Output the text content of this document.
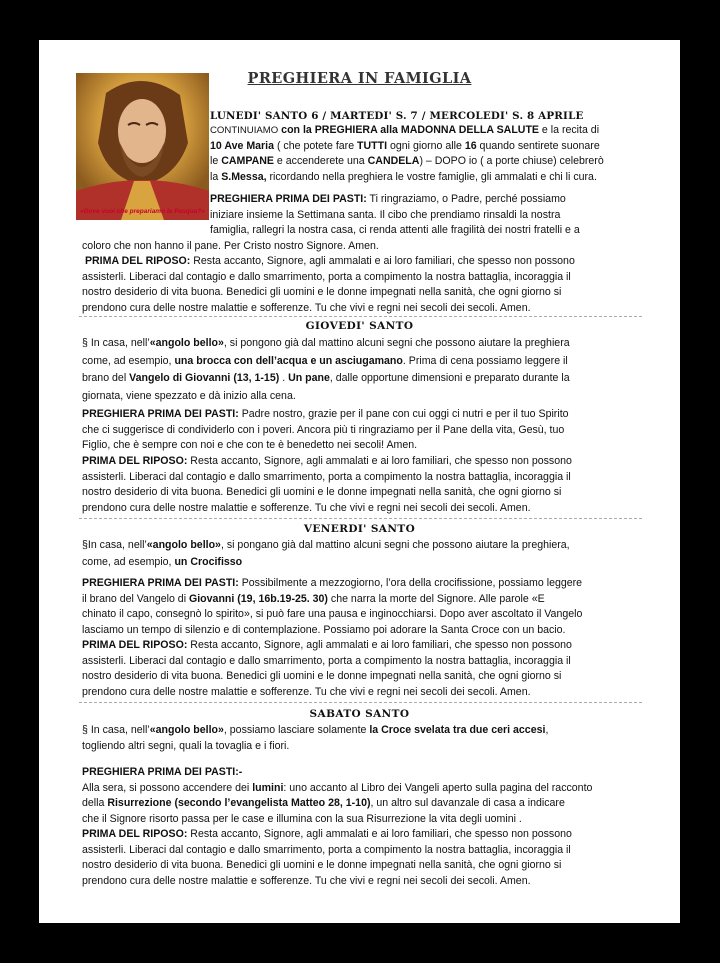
PREGHIERA IN FAMIGLIA
«Dove vuoi che prepariamo la Pasqua?»
LUNEDI' SANTO 6 / MARTEDI' S. 7 / MERCOLEDI' S. 8 APRILE
CONTINUIAMO con la PREGHIERA alla MADONNA DELLA SALUTE e la recita di
10 Ave Maria ( che potete fare TUTTI ogni giorno alle 16 quando sentirete suonare
le CAMPANE e accenderete una CANDELA) – DOPO io ( a porte chiuse) celebrerò
la S.Messa, ricordando nella preghiera le vostre famiglie, gli ammalati e chi li cura.
PREGHIERA PRIMA DEI PASTI: Ti ringraziamo, o Padre, perché possiamo
iniziare insieme la Settimana santa. Il cibo che prendiamo rinsaldi la nostra
famiglia, rallegri la nostra casa, ci renda attenti alle fragilità dei nostri fratelli e a
coloro che non hanno il pane. Per Cristo nostro Signore. Amen.
PRIMA DEL RIPOSO: Resta accanto, Signore, agli ammalati e ai loro familiari, che spesso non possono
assisterli. Liberaci dal contagio e dallo smarrimento, porta a compimento la nostra battaglia, incoraggia il
nostro desiderio di vita buona. Benedici gli uomini e le donne impegnati nella sanità, che ogni giorno si
prendono cura delle nostre malattie e sofferenze. Tu che vivi e regni nei secoli dei secoli. Amen.
GIOVEDI' SANTO
§ In casa, nell’«angolo bello», si pongono già dal mattino alcuni segni che possono aiutare la preghiera
come, ad esempio, una brocca con dell’acqua e un asciugamano. Prima di cena possiamo leggere il
brano del Vangelo di Giovanni (13, 1-15) . Un pane, dalle opportune dimensioni e preparato durante la
giornata, viene spezzato e dà inizio alla cena.
PREGHIERA PRIMA DEI PASTI: Padre nostro, grazie per il pane con cui oggi ci nutri e per il tuo Spirito
che ci suggerisce di condividerlo con i poveri. Ancora più ti ringraziamo per il Pane della vita, Gesù, tuo
Figlio, che è sempre con noi e che con te è benedetto nei secoli! Amen.
PRIMA DEL RIPOSO: Resta accanto, Signore, agli ammalati e ai loro familiari, che spesso non possono
assisterli. Liberaci dal contagio e dallo smarrimento, porta a compimento la nostra battaglia, incoraggia il
nostro desiderio di vita buona. Benedici gli uomini e le donne impegnati nella sanità, che ogni giorno si
prendono cura delle nostre malattie e sofferenze. Tu che vivi e regni nei secoli dei secoli. Amen.
VENERDI' SANTO
§In casa, nell’«angolo bello», si pongano già dal mattino alcuni segni che possono aiutare la preghiera,
come, ad esempio, un Crocifisso
PREGHIERA PRIMA DEI PASTI: Possibilmente a mezzogiorno, l’ora della crocifissione, possiamo leggere
il brano del Vangelo di Giovanni (19, 16b.19-25. 30) che narra la morte del Signore. Alle parole «E
chinato il capo, consegnò lo spirito», si può fare una pausa e inginocchiarsi. Dopo aver ascoltato il Vangelo
lasciamo un tempo di silenzio e di contemplazione. Possiamo poi adorare la Santa Croce con un bacio.
PRIMA DEL RIPOSO: Resta accanto, Signore, agli ammalati e ai loro familiari, che spesso non possono
assisterli. Liberaci dal contagio e dallo smarrimento, porta a compimento la nostra battaglia, incoraggia il
nostro desiderio di vita buona. Benedici gli uomini e le donne impegnati nella sanità, che ogni giorno si
prendono cura delle nostre malattie e sofferenze. Tu che vivi e regni nei secoli dei secoli. Amen.
SABATO SANTO
§ In casa, nell’«angolo bello», possiamo lasciare solamente la Croce svelata tra due ceri accesi,
togliendo altri segni, quali la tovaglia e i fiori.
PREGHIERA PRIMA DEI PASTI:-
Alla sera, si possono accendere dei lumini: uno accanto al Libro dei Vangeli aperto sulla pagina del racconto
della Risurrezione (secondo l’evangelista Matteo 28, 1-10), un altro sul davanzale di casa a indicare
che il Signore risorto passa per le case e illumina con la sua Risurrezione la vita degli uomini .
PRIMA DEL RIPOSO: Resta accanto, Signore, agli ammalati e ai loro familiari, che spesso non possono
assisterli. Liberaci dal contagio e dallo smarrimento, porta a compimento la nostra battaglia, incoraggia il
nostro desiderio di vita buona. Benedici gli uomini e le donne impegnati nella sanità, che ogni giorno si
prendono cura delle nostre malattie e sofferenze. Tu che vivi e regni nei secoli dei secoli. Amen.
